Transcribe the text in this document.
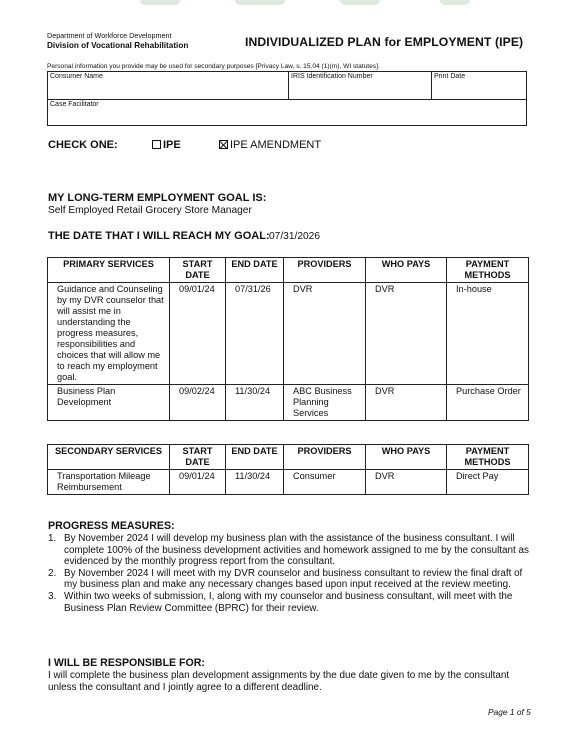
Department of Workforce Development
Division of Vocational Rehabilitation	INDIVIDUALIZED PLAN for EMPLOYMENT (IPE)
Personal information you provide may be used for secondary purposes [Privacy Law, s. 15.04 (1)(m), WI statutes].
Consumer Name	IRIS Identification Number	Print Date
Case Facilitator
CHECK ONE:	IPE	IPE AMENDMENT
MY LONG-TERM EMPLOYMENT GOAL IS:
Self Employed Retail Grocery Store Manager
THE DATE THAT I WILL REACH MY GOAL: 07/31/2026
PRIMARY SERVICES	START DATE	END DATE	PROVIDERS	WHO PAYS	PAYMENT METHODS
Guidance and Counseling by my DVR counselor that will assist me in understanding the progress measures, responsibilities and choices that will allow me to reach my employment goal.	09/01/24	07/31/26	DVR	DVR	In-house
Business Plan Development	09/02/24	11/30/24	ABC Business Planning Services	DVR	Purchase Order
SECONDARY SERVICES	START DATE	END DATE	PROVIDERS	WHO PAYS	PAYMENT METHODS
Transportation Mileage Reimbursement	09/01/24	11/30/24	Consumer	DVR	Direct Pay
PROGRESS MEASURES:
1. By November 2024 I will develop my business plan with the assistance of the business consultant. I will complete 100% of the business development activities and homework assigned to me by the consultant as evidenced by the monthly progress report from the consultant.
2. By November 2024 I will meet with my DVR counselor and business consultant to review the final draft of my business plan and make any necessary changes based upon input received at the review meeting.
3. Within two weeks of submission, I, along with my counselor and business consultant, will meet with the Business Plan Review Committee (BPRC) for their review.
I WILL BE RESPONSIBLE FOR:
I will complete the business plan development assignments by the due date given to me by the consultant unless the consultant and I jointly agree to a different deadline.
Page 1 of 5
